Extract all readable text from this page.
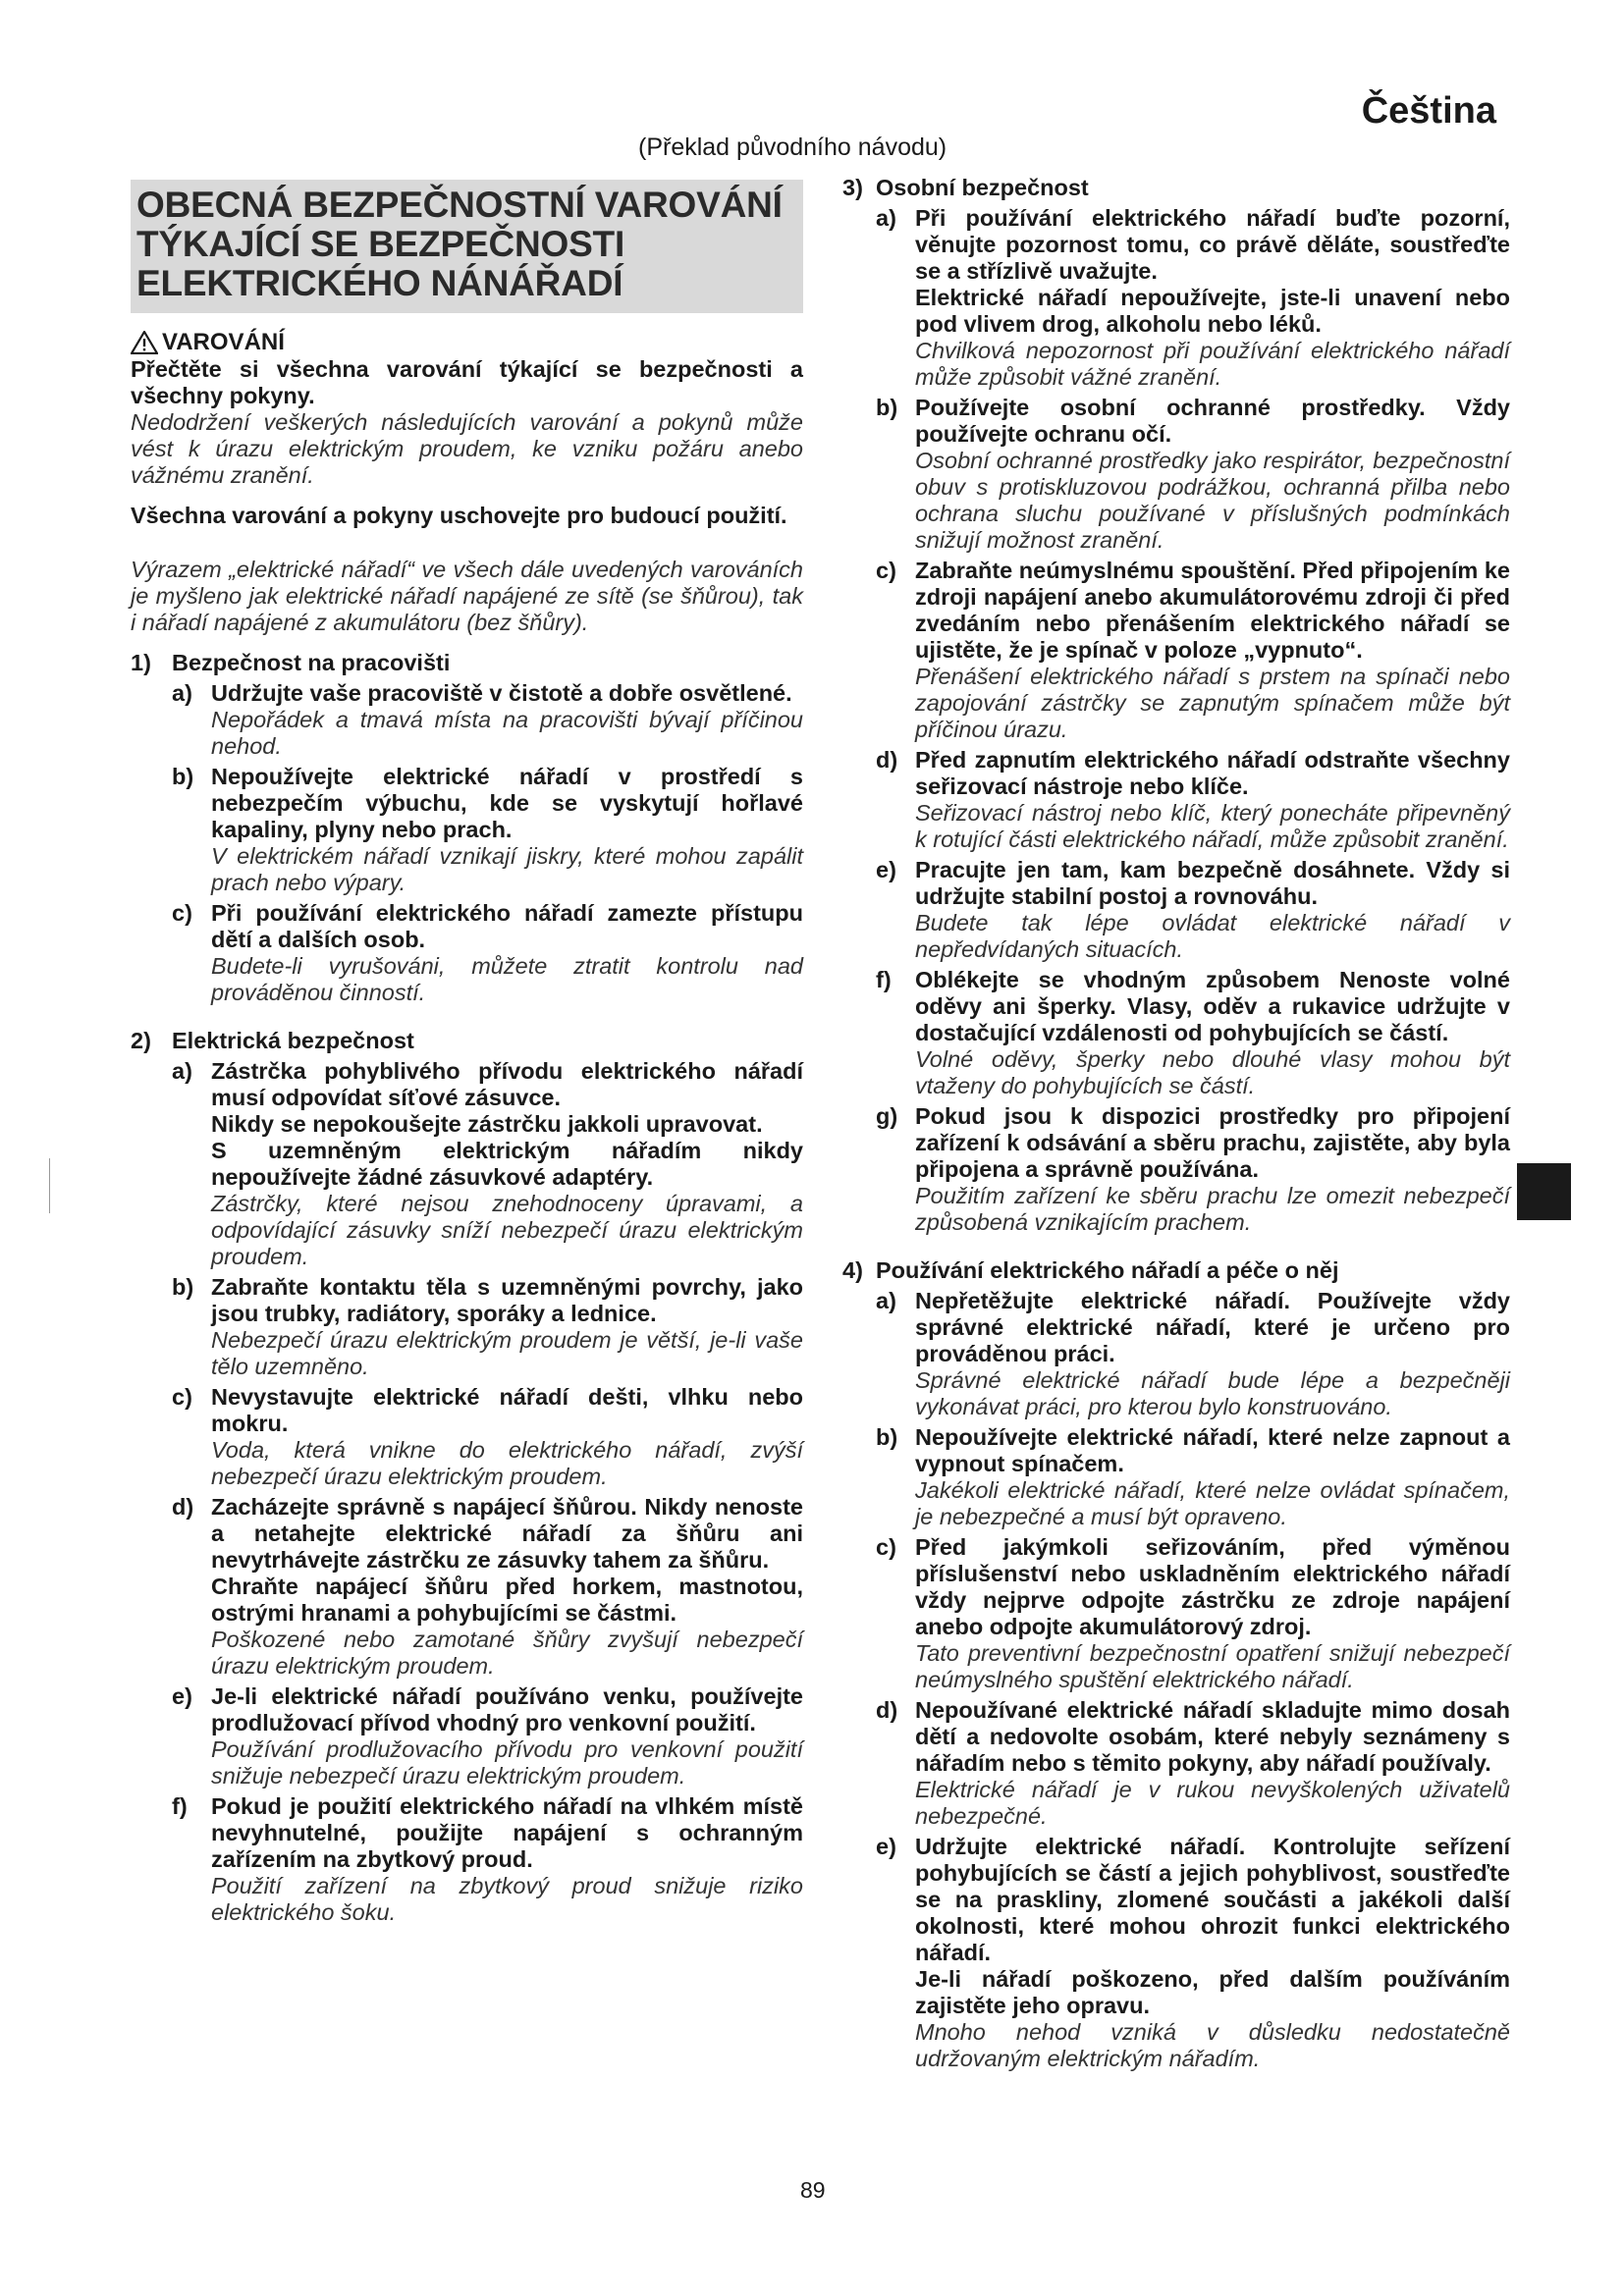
Čeština
(Překlad původního návodu)
OBECNÁ BEZPEČNOSTNÍ VAROVÁNÍ TÝKAJÍCÍ SE BEZPEČNOSTI ELEKTRICKÉHO NÁNÁŘADÍ
VAROVÁNÍ

Přečtěte si všechna varování týkající se bezpečnosti a všechny pokyny.

Nedodržení veškerých následujících varování a pokynů může vést k úrazu elektrickým proudem, ke vzniku požáru anebo vážnému zranění.

Všechna varování a pokyny uschovejte pro budoucí použití.

Výrazem „elektrické nářadí“ ve všech dále uvedených varováních je myšleno jak elektrické nářadí napájené ze sítě (se šňůrou), tak i nářadí napájené z akumulátoru (bez šňůry).

1) Bezpečnost na pracovišti
a) Udržujte vaše pracoviště v čistotě a dobře osvětlené.

Nepořádek a tmavá místa na pracovišti bývají příčinou nehod.

b) Nepoužívejte elektrické nářadí v prostředí s nebezpečím výbuchu, kde se vyskytují hořlavé kapaliny, plyny nebo prach.

V elektrickém nářadí vznikají jiskry, které mohou zapálit prach nebo výpary.

c) Při používání elektrického nářadí zamezte přístupu dětí a dalších osob.

Budete-li vyrušováni, můžete ztratit kontrolu nad prováděnou činností.

2) Elektrická bezpečnost
a) Zástrčka pohyblivého přívodu elektrického nářadí musí odpovídat síťové zásuvce.

Nikdy se nepokoušejte zástrčku jakkoli upravovat.

S uzemněným elektrickým nářadím nikdy nepoužívejte žádné zásuvkové adaptéry.

Zástrčky, které nejsou znehodnoceny úpravami, a odpovídající zásuvky sníží nebezpečí úrazu elektrickým proudem.

b) Zabraňte kontaktu těla s uzemněnými povrchy, jako jsou trubky, radiátory, sporáky a lednice.

Nebezpečí úrazu elektrickým proudem je větší, je-li vaše tělo uzemněno.

c) Nevystavujte elektrické nářadí dešti, vlhku nebo mokru.

Voda, která vnikne do elektrického nářadí, zvýší nebezpečí úrazu elektrickým proudem.

d) Zacházejte správně s napájecí šňůrou. Nikdy nenoste a netahejte elektrické nářadí za šňůru ani nevytrhávejte zástrčku ze zásuvky tahem za šňůru.

Chraňte napájecí šňůru před horkem, mastnotou, ostrými hranami a pohybujícími se částmi.

Poškozené nebo zamotané šňůry zvyšují nebezpečí úrazu elektrickým proudem.

e) Je-li elektrické nářadí používáno venku, používejte prodlužovací přívod vhodný pro venkovní použití.

Používání prodlužovacího přívodu pro venkovní použití snižuje nebezpečí úrazu elektrickým proudem.

f)	Pokud je použití elektrického nářadí na vlhkém místě nevyhnutelné, použijte napájení s ochranným zařízením na zbytkový proud.

Použití zařízení na zbytkový proud snižuje riziko elektrického šoku.

3) Osobní bezpečnost
a) Při používání elektrického nářadí buďte pozorní, věnujte pozornost tomu, co právě děláte, soustřeďte se a střízlivě uvažujte.

Elektrické nářadí nepoužívejte, jste-li unavení nebo pod vlivem drog, alkoholu nebo léků.

Chvilková nepozornost při používání elektrického nářadí může způsobit vážné zranění.

b) Používejte osobní ochranné prostředky. Vždy používejte ochranu očí.

Osobní ochranné prostředky jako respirátor, bezpečnostní obuv s protiskluzovou podrážkou, ochranná přilba nebo ochrana sluchu používané v příslušných podmínkách snižují možnost zranění.

c) Zabraňte neúmyslnému spouštění. Před připojením ke zdroji napájení anebo akumulátorovému zdroji či před zvedáním nebo přenášením elektrického nářadí se ujistěte, že je spínač v poloze „vypnuto“.

Přenášení elektrického nářadí s prstem na spínači nebo zapojování zástrčky se zapnutým spínačem může být příčinou úrazu.

d) Před zapnutím elektrického nářadí odstraňte všechny seřizovací nástroje nebo klíče.

Seřizovací nástroj nebo klíč, který ponecháte připevněný k rotující části elektrického nářadí, může způsobit zranění.

e) Pracujte jen tam, kam bezpečně dosáhnete. Vždy si udržujte stabilní postoj a rovnováhu.

Budete tak lépe ovládat elektrické nářadí v nepředvídaných situacích.

f)	Oblékejte se vhodným způsobem Nenoste volné oděvy ani šperky. Vlasy, oděv a rukavice udržujte v dostačující vzdálenosti od pohybujících se částí.

Volné oděvy, šperky nebo dlouhé vlasy mohou být vtaženy do pohybujících se částí.

g) Pokud jsou k dispozici prostředky pro připojení zařízení k odsávání a sběru prachu, zajistěte, aby byla připojena a správně používána.

Použitím zařízení ke sběru prachu lze omezit nebezpečí způsobená vznikajícím prachem.

4) Používání elektrického nářadí a péče o něj
a) Nepřetěžujte elektrické nářadí. Používejte vždy správné elektrické nářadí, které je určeno pro prováděnou práci.

Správné elektrické nářadí bude lépe a bezpečněji vykonávat práci, pro kterou bylo konstruováno.

b) Nepoužívejte elektrické nářadí, které nelze zapnout a vypnout spínačem.

Jakékoli elektrické nářadí, které nelze ovládat spínačem, je nebezpečné a musí být opraveno.

c) Před jakýmkoli seřizováním, před výměnou příslušenství nebo uskladněním elektrického nářadí vždy nejprve odpojte zástrčku ze zdroje napájení anebo odpojte akumulátorový zdroj.

Tato preventivní bezpečnostní opatření snižují nebezpečí neúmyslného spuštění elektrického nářadí.

d) Nepoužívané elektrické nářadí skladujte mimo dosah dětí a nedovolte osobám, které nebyly seznámeny s nářadím nebo s těmito pokyny, aby nářadí používaly.

Elektrické nářadí je v rukou nevyškolených uživatelů nebezpečné.

e) Udržujte elektrické nářadí. Kontrolujte seřízení pohybujících se částí a jejich pohyblivost, soustřeďte se na praskliny, zlomené součásti a jakékoli další okolnosti, které mohou ohrozit funkci elektrického nářadí.

Je-li nářadí poškozeno, před dalším používáním zajistěte jeho opravu.

Mnoho nehod vzniká v důsledku nedostatečně udržovaným elektrickým nářadím.

89
